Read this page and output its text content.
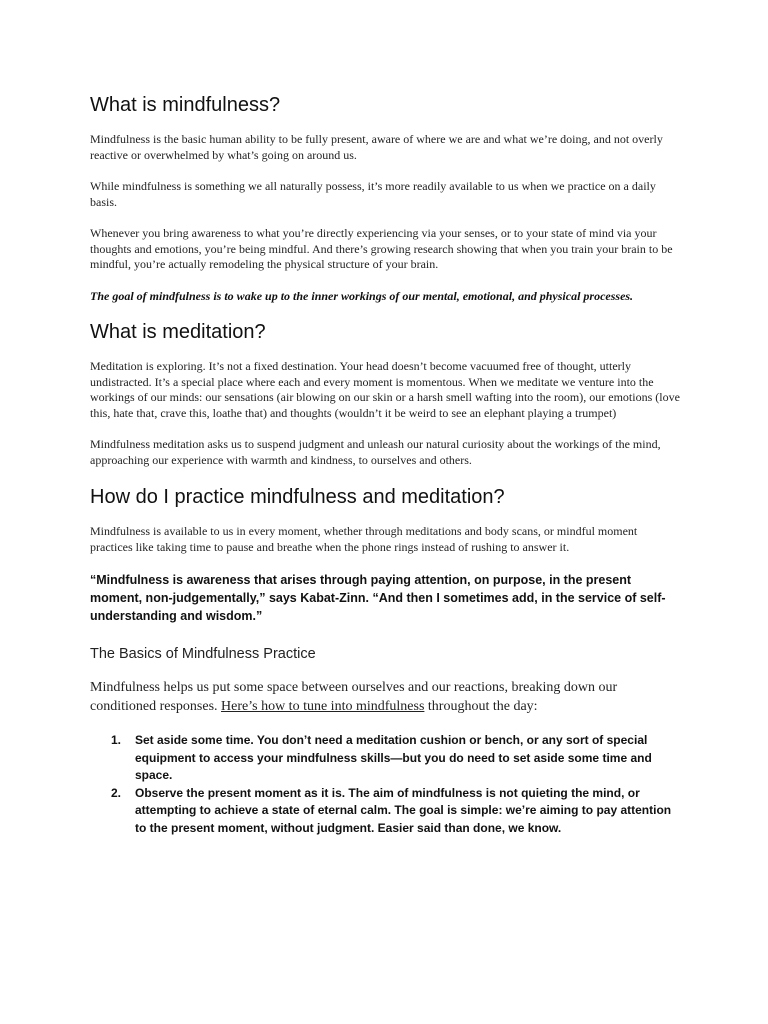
What is mindfulness?

Mindfulness is the basic human ability to be fully present, aware of where we are and what we’re doing, and not overly reactive or overwhelmed by what’s going on around us.

While mindfulness is something we all naturally possess, it’s more readily available to us when we practice on a daily basis.

Whenever you bring awareness to what you’re directly experiencing via your senses, or to your state of mind via your thoughts and emotions, you’re being mindful. And there’s growing research showing that when you train your brain to be mindful, you’re actually remodeling the physical structure of your brain.

The goal of mindfulness is to wake up to the inner workings of our mental, emotional, and physical processes.

What is meditation?

Meditation is exploring. It’s not a fixed destination. Your head doesn’t become vacuumed free of thought, utterly undistracted. It’s a special place where each and every moment is momentous. When we meditate we venture into the workings of our minds: our sensations (air blowing on our skin or a harsh smell wafting into the room), our emotions (love this, hate that, crave this, loathe that) and thoughts (wouldn’t it be weird to see an elephant playing a trumpet)

Mindfulness meditation asks us to suspend judgment and unleash our natural curiosity about the workings of the mind, approaching our experience with warmth and kindness, to ourselves and others.

How do I practice mindfulness and meditation?

Mindfulness is available to us in every moment, whether through meditations and body scans, or mindful moment practices like taking time to pause and breathe when the phone rings instead of rushing to answer it.

“Mindfulness is awareness that arises through paying attention, on purpose, in the present moment, non-judgementally,” says Kabat-Zinn. “And then I sometimes add, in the service of self-understanding and wisdom.”

The Basics of Mindfulness Practice

Mindfulness helps us put some space between ourselves and our reactions, breaking down our conditioned responses. Here’s how to tune into mindfulness throughout the day:

1. Set aside some time. You don’t need a meditation cushion or bench, or any sort of special equipment to access your mindfulness skills—but you do need to set aside some time and space.
2. Observe the present moment as it is. The aim of mindfulness is not quieting the mind, or attempting to achieve a state of eternal calm. The goal is simple: we’re aiming to pay attention to the present moment, without judgment. Easier said than done, we know.
